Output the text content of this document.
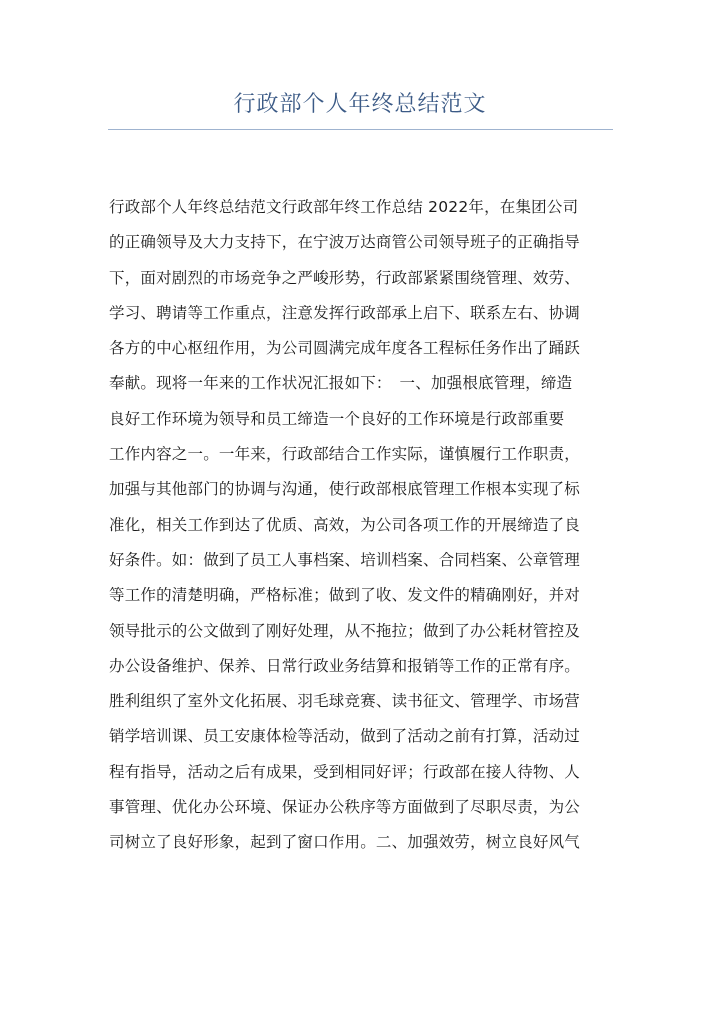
行政部个人年终总结范文
行政部个人年终总结范文行政部年终工作总结 2022年，在集团公司
的正确领导及大力支持下，在宁波万达商管公司领导班子的正确指导
下，面对剧烈的市场竞争之严峻形势，行政部紧紧围绕管理、效劳、
学习、聘请等工作重点，注意发挥行政部承上启下、联系左右、协调
各方的中心枢纽作用，为公司圆满完成年度各工程标任务作出了踊跃
奉献。现将一年来的工作状况汇报如下：　一、加强根底管理，缔造
良好工作环境为领导和员工缔造一个良好的工作环境是行政部重要
工作内容之一。一年来，行政部结合工作实际，谨慎履行工作职责，
加强与其他部门的协调与沟通，使行政部根底管理工作根本实现了标
准化，相关工作到达了优质、高效，为公司各项工作的开展缔造了良
好条件。如：做到了员工人事档案、培训档案、合同档案、公章管理
等工作的清楚明确，严格标准；做到了收、发文件的精确刚好，并对
领导批示的公文做到了刚好处理，从不拖拉；做到了办公耗材管控及
办公设备维护、保养、日常行政业务结算和报销等工作的正常有序。
胜利组织了室外文化拓展、羽毛球竞赛、读书征文、管理学、市场营
销学培训课、员工安康体检等活动，做到了活动之前有打算，活动过
程有指导，活动之后有成果，受到相同好评；行政部在接人待物、人
事管理、优化办公环境、保证办公秩序等方面做到了尽职尽责，为公
司树立了良好形象，起到了窗口作用。二、加强效劳，树立良好风气
